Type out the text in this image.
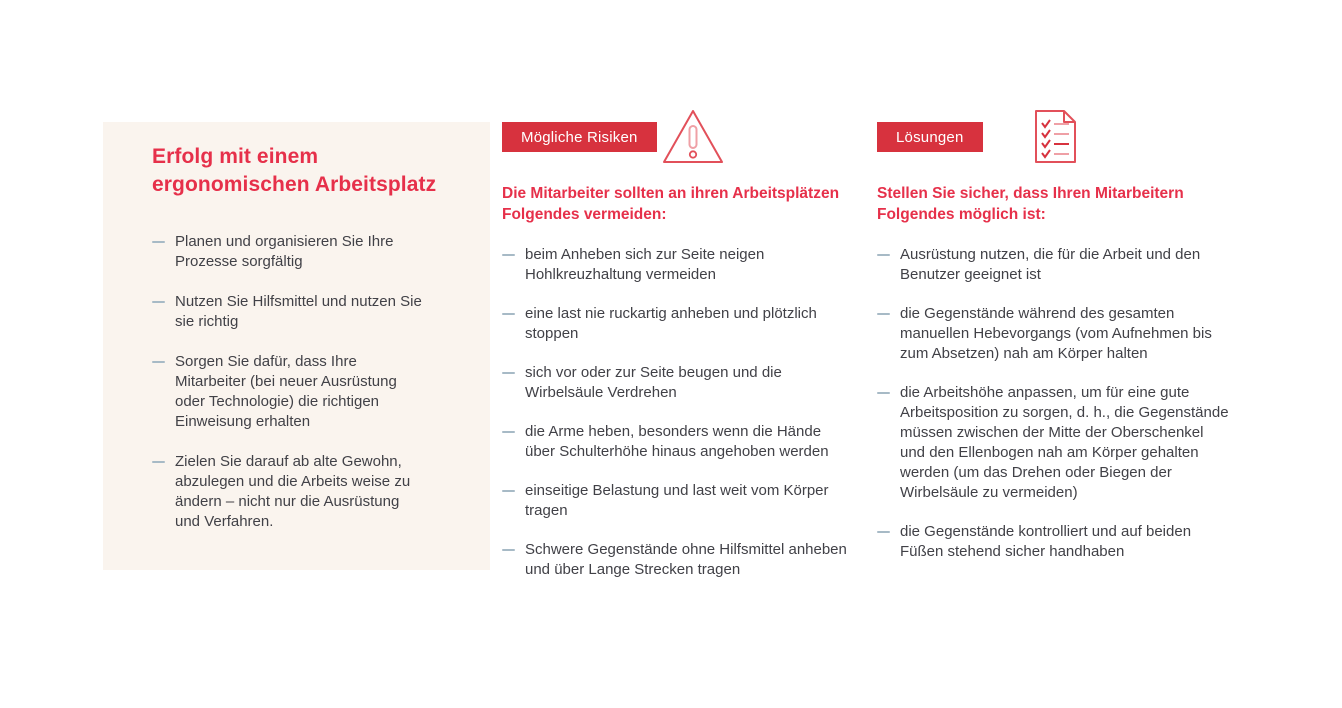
Erfolg mit einem ergonomischen Arbeitsplatz
Planen und organisieren Sie Ihre Prozesse sorgfältig
Nutzen Sie Hilfsmittel und nutzen Sie sie richtig
Sorgen Sie dafür, dass Ihre Mitarbeiter (bei neuer Ausrüstung oder Technologie) die richtigen Einweisung erhalten
Zielen Sie darauf ab alte Gewohn, abzulegen und die Arbeits weise zu ändern – nicht nur die Ausrüstung und Verfahren.
Mögliche Risiken
Die Mitarbeiter sollten an ihren Arbeitsplätzen Folgendes vermeiden:
beim Anheben sich zur Seite neigen Hohlkreuzhaltung vermeiden
eine last nie ruckartig anheben und plötzlich stoppen
sich vor oder zur Seite beugen und die Wirbelsäule Verdrehen
die Arme heben, besonders wenn die Hände über Schulterhöhe hinaus angehoben werden
einseitige Belastung und last weit vom Körper tragen
Schwere Gegenstände ohne Hilfsmittel anheben und über Lange Strecken tragen
Lösungen
Stellen Sie sicher, dass Ihren Mitarbeitern Folgendes möglich ist:
Ausrüstung nutzen, die für die Arbeit und den Benutzer geeignet ist
die Gegenstände während des gesamten manuellen Hebevorgangs (vom Aufnehmen bis zum Absetzen) nah am Körper halten
die Arbeitshöhe anpassen, um für eine gute Arbeitsposition zu sorgen, d. h., die Gegenstände müssen zwischen der Mitte der Oberschenkel und den Ellenbogen nah am Körper gehalten werden (um das Drehen oder Biegen der Wirbelsäule zu vermeiden)
die Gegenstände kontrolliert und auf beiden Füßen stehend sicher handhaben
